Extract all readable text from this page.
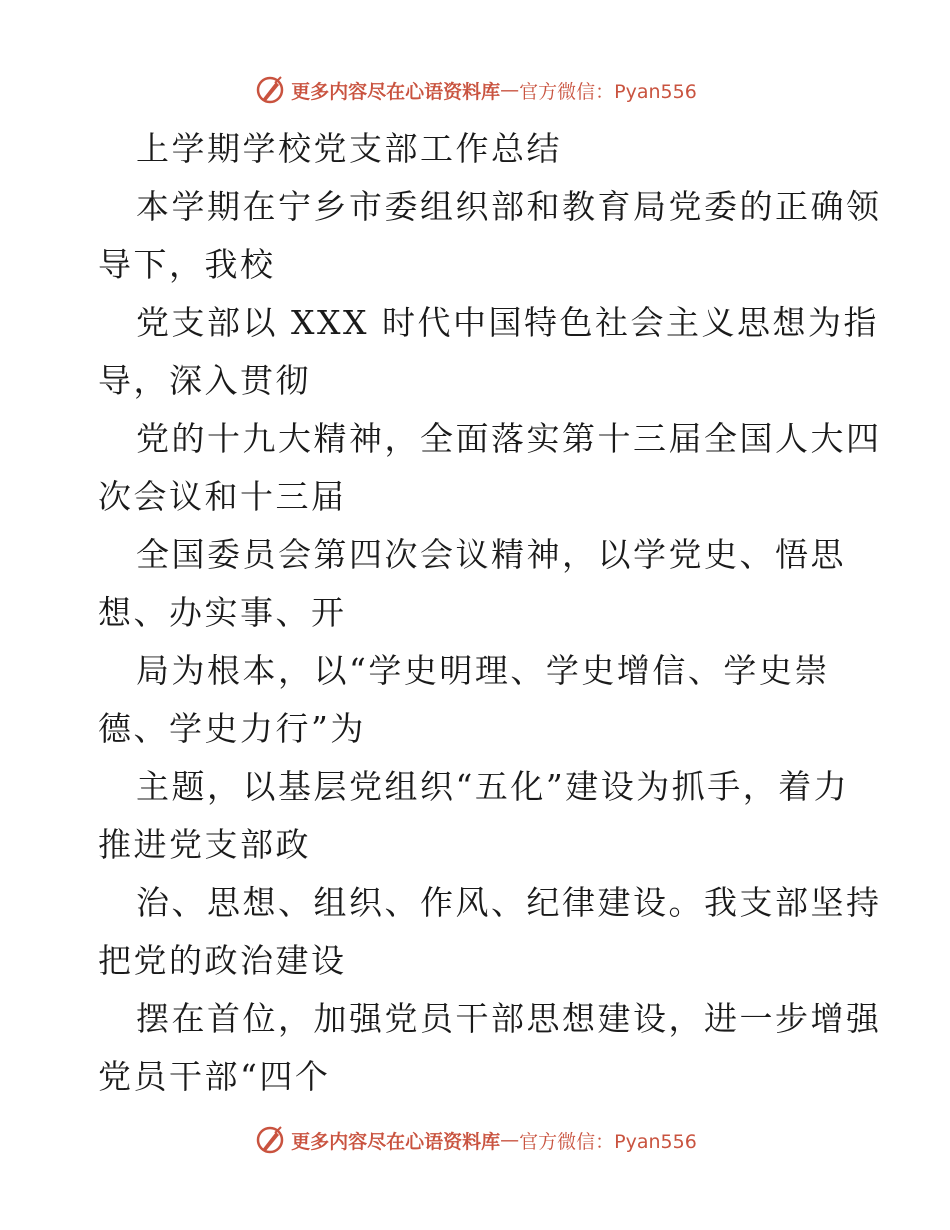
更多内容尽在心语资料库 — 官方微信：Pyan556
上学期学校党支部工作总结
本学期在宁乡市委组织部和教育局党委的正确领
导下，我校
党支部以 XXX 时代中国特色社会主义思想为指
导，深入贯彻
党的十九大精神，全面落实第十三届全国人大四
次会议和十三届
全国委员会第四次会议精神，以学党史、悟思
想、办实事、开
局为根本，以“学史明理、学史增信、学史崇
德、学史力行”为
主题，以基层党组织“五化”建设为抓手，着力
推进党支部政
治、思想、组织、作风、纪律建设。我支部坚持
把党的政治建设
摆在首位，加强党员干部思想建设，进一步增强
党员干部“四个
更多内容尽在心语资料库 — 官方微信：Pyan556
